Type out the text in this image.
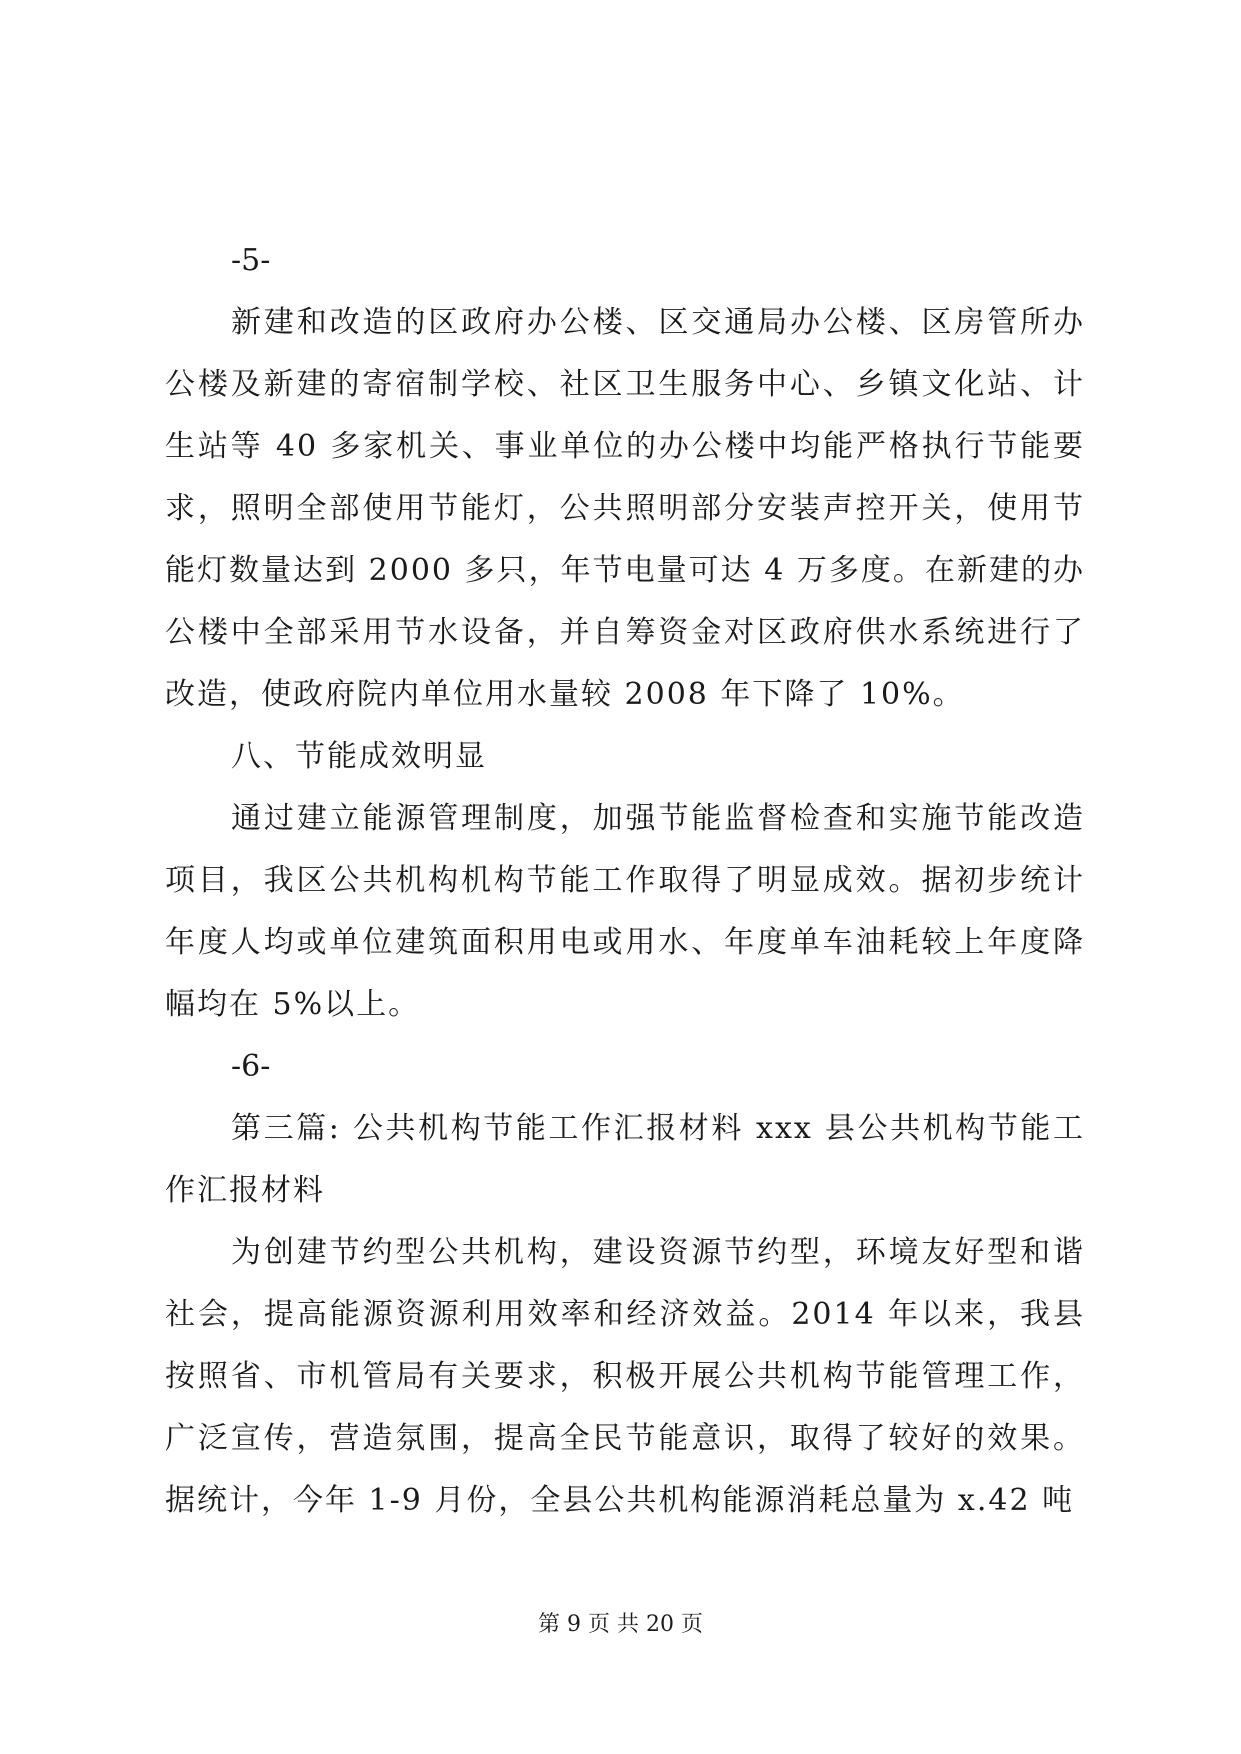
-5-

新建和改造的区政府办公楼、区交通局办公楼、区房管所办公楼及新建的寄宿制学校、社区卫生服务中心、乡镇文化站、计生站等 40 多家机关、事业单位的办公楼中均能严格执行节能要求，照明全部使用节能灯，公共照明部分安装声控开关，使用节能灯数量达到 2000 多只，年节电量可达 4 万多度。在新建的办公楼中全部采用节水设备，并自筹资金对区政府供水系统进行了改造，使政府院内单位用水量较 2008 年下降了 10%。

八、节能成效明显

通过建立能源管理制度，加强节能监督检查和实施节能改造项目，我区公共机构机构节能工作取得了明显成效。据初步统计年度人均或单位建筑面积用电或用水、年度单车油耗较上年度降幅均在 5%以上。

-6-

第三篇: 公共机构节能工作汇报材料 xxx 县公共机构节能工作汇报材料

为创建节约型公共机构，建设资源节约型，环境友好型和谐社会，提高能源资源利用效率和经济效益。2014 年以来，我县按照省、市机管局有关要求，积极开展公共机构节能管理工作，广泛宣传，营造氛围，提高全民节能意识，取得了较好的效果。据统计，今年 1-9 月份，全县公共机构能源消耗总量为 x.42 吨

第 9 页 共 20 页
